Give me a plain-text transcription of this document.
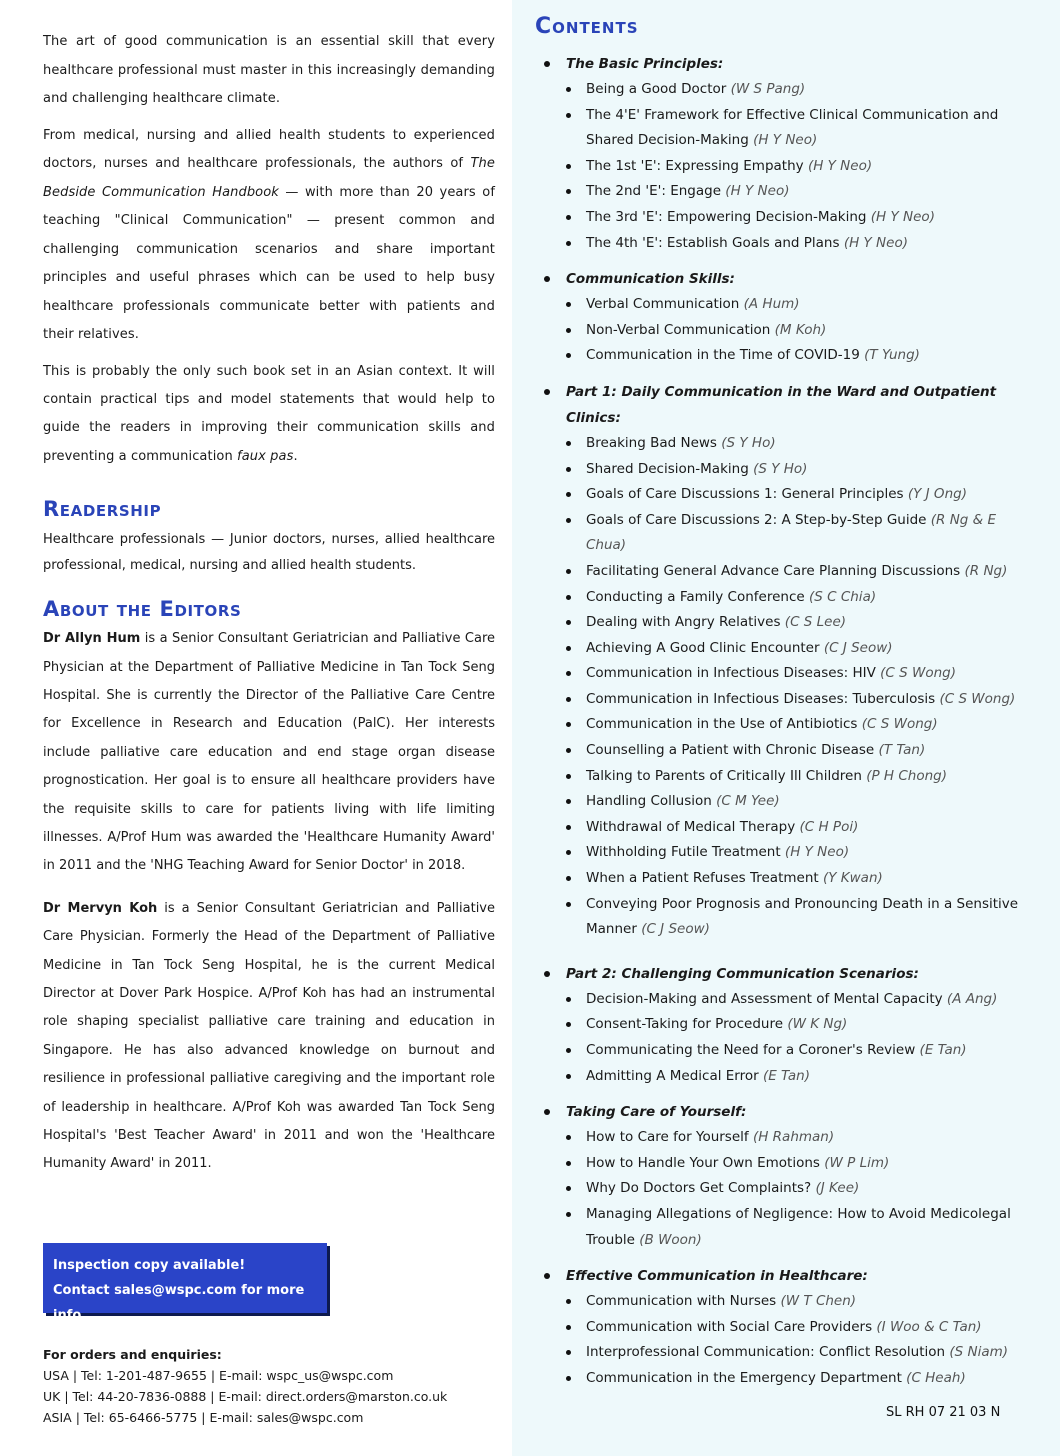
The art of good communication is an essential skill that every healthcare professional must master in this increasingly demanding and challenging healthcare climate.

From medical, nursing and allied health students to experienced doctors, nurses and healthcare professionals, the authors of The Bedside Communication Handbook — with more than 20 years of teaching "Clinical Communication" — present common and challenging communication scenarios and share important principles and useful phrases which can be used to help busy healthcare professionals communicate better with patients and their relatives.

This is probably the only such book set in an Asian context. It will contain practical tips and model statements that would help to guide the readers in improving their communication skills and preventing a communication faux pas.

Readership

Healthcare professionals — Junior doctors, nurses, allied healthcare professional, medical, nursing and allied health students.

About the Editors

Dr Allyn Hum is a Senior Consultant Geriatrician and Palliative Care Physician at the Department of Palliative Medicine in Tan Tock Seng Hospital. She is currently the Director of the Palliative Care Centre for Excellence in Research and Education (PalC). Her interests include palliative care education and end stage organ disease prognostication. Her goal is to ensure all healthcare providers have the requisite skills to care for patients living with life limiting illnesses. A/Prof Hum was awarded the 'Healthcare Humanity Award' in 2011 and the 'NHG Teaching Award for Senior Doctor' in 2018.

Dr Mervyn Koh is a Senior Consultant Geriatrician and Palliative Care Physician. Formerly the Head of the Department of Palliative Medicine in Tan Tock Seng Hospital, he is the current Medical Director at Dover Park Hospice. A/Prof Koh has had an instrumental role shaping specialist palliative care training and education in Singapore. He has also advanced knowledge on burnout and resilience in professional palliative caregiving and the important role of leadership in healthcare. A/Prof Koh was awarded Tan Tock Seng Hospital's 'Best Teacher Award' in 2011 and won the 'Healthcare Humanity Award' in 2011.

Inspection copy available!
Contact sales@wspc.com for more info
For orders and enquiries:
USA | Tel: 1-201-487-9655 | E-mail: wspc_us@wspc.com
UK | Tel: 44-20-7836-0888 | E-mail: direct.orders@marston.co.uk
ASIA | Tel: 65-6466-5775 | E-mail: sales@wspc.com
Contents
The Basic Principles:
Being a Good Doctor (W S Pang)
The 4'E' Framework for Effective Clinical Communication and Shared Decision-Making (H Y Neo)
The 1st 'E': Expressing Empathy (H Y Neo)
The 2nd 'E': Engage (H Y Neo)
The 3rd 'E': Empowering Decision-Making (H Y Neo)
The 4th 'E': Establish Goals and Plans (H Y Neo)
Communication Skills:
Verbal Communication (A Hum)
Non-Verbal Communication (M Koh)
Communication in the Time of COVID-19 (T Yung)
Part 1: Daily Communication in the Ward and Outpatient Clinics:
Breaking Bad News (S Y Ho)
Shared Decision-Making (S Y Ho)
Goals of Care Discussions 1: General Principles (Y J Ong)
Goals of Care Discussions 2: A Step-by-Step Guide (R Ng & E Chua)
Facilitating General Advance Care Planning Discussions (R Ng)
Conducting a Family Conference (S C Chia)
Dealing with Angry Relatives (C S Lee)
Achieving A Good Clinic Encounter (C J Seow)
Communication in Infectious Diseases: HIV (C S Wong)
Communication in Infectious Diseases: Tuberculosis (C S Wong)
Communication in the Use of Antibiotics (C S Wong)
Counselling a Patient with Chronic Disease (T Tan)
Talking to Parents of Critically Ill Children (P H Chong)
Handling Collusion (C M Yee)
Withdrawal of Medical Therapy (C H Poi)
Withholding Futile Treatment (H Y Neo)
When a Patient Refuses Treatment (Y Kwan)
Conveying Poor Prognosis and Pronouncing Death in a Sensitive Manner (C J Seow)
Part 2: Challenging Communication Scenarios:
Decision-Making and Assessment of Mental Capacity (A Ang)
Consent-Taking for Procedure (W K Ng)
Communicating the Need for a Coroner's Review (E Tan)
Admitting A Medical Error (E Tan)
Taking Care of Yourself:
How to Care for Yourself (H Rahman)
How to Handle Your Own Emotions (W P Lim)
Why Do Doctors Get Complaints? (J Kee)
Managing Allegations of Negligence: How to Avoid Medicolegal Trouble (B Woon)
Effective Communication in Healthcare:
Communication with Nurses (W T Chen)
Communication with Social Care Providers (I Woo & C Tan)
Interprofessional Communication: Conflict Resolution (S Niam)
Communication in the Emergency Department (C Heah)
SL RH 07 21 03 N
